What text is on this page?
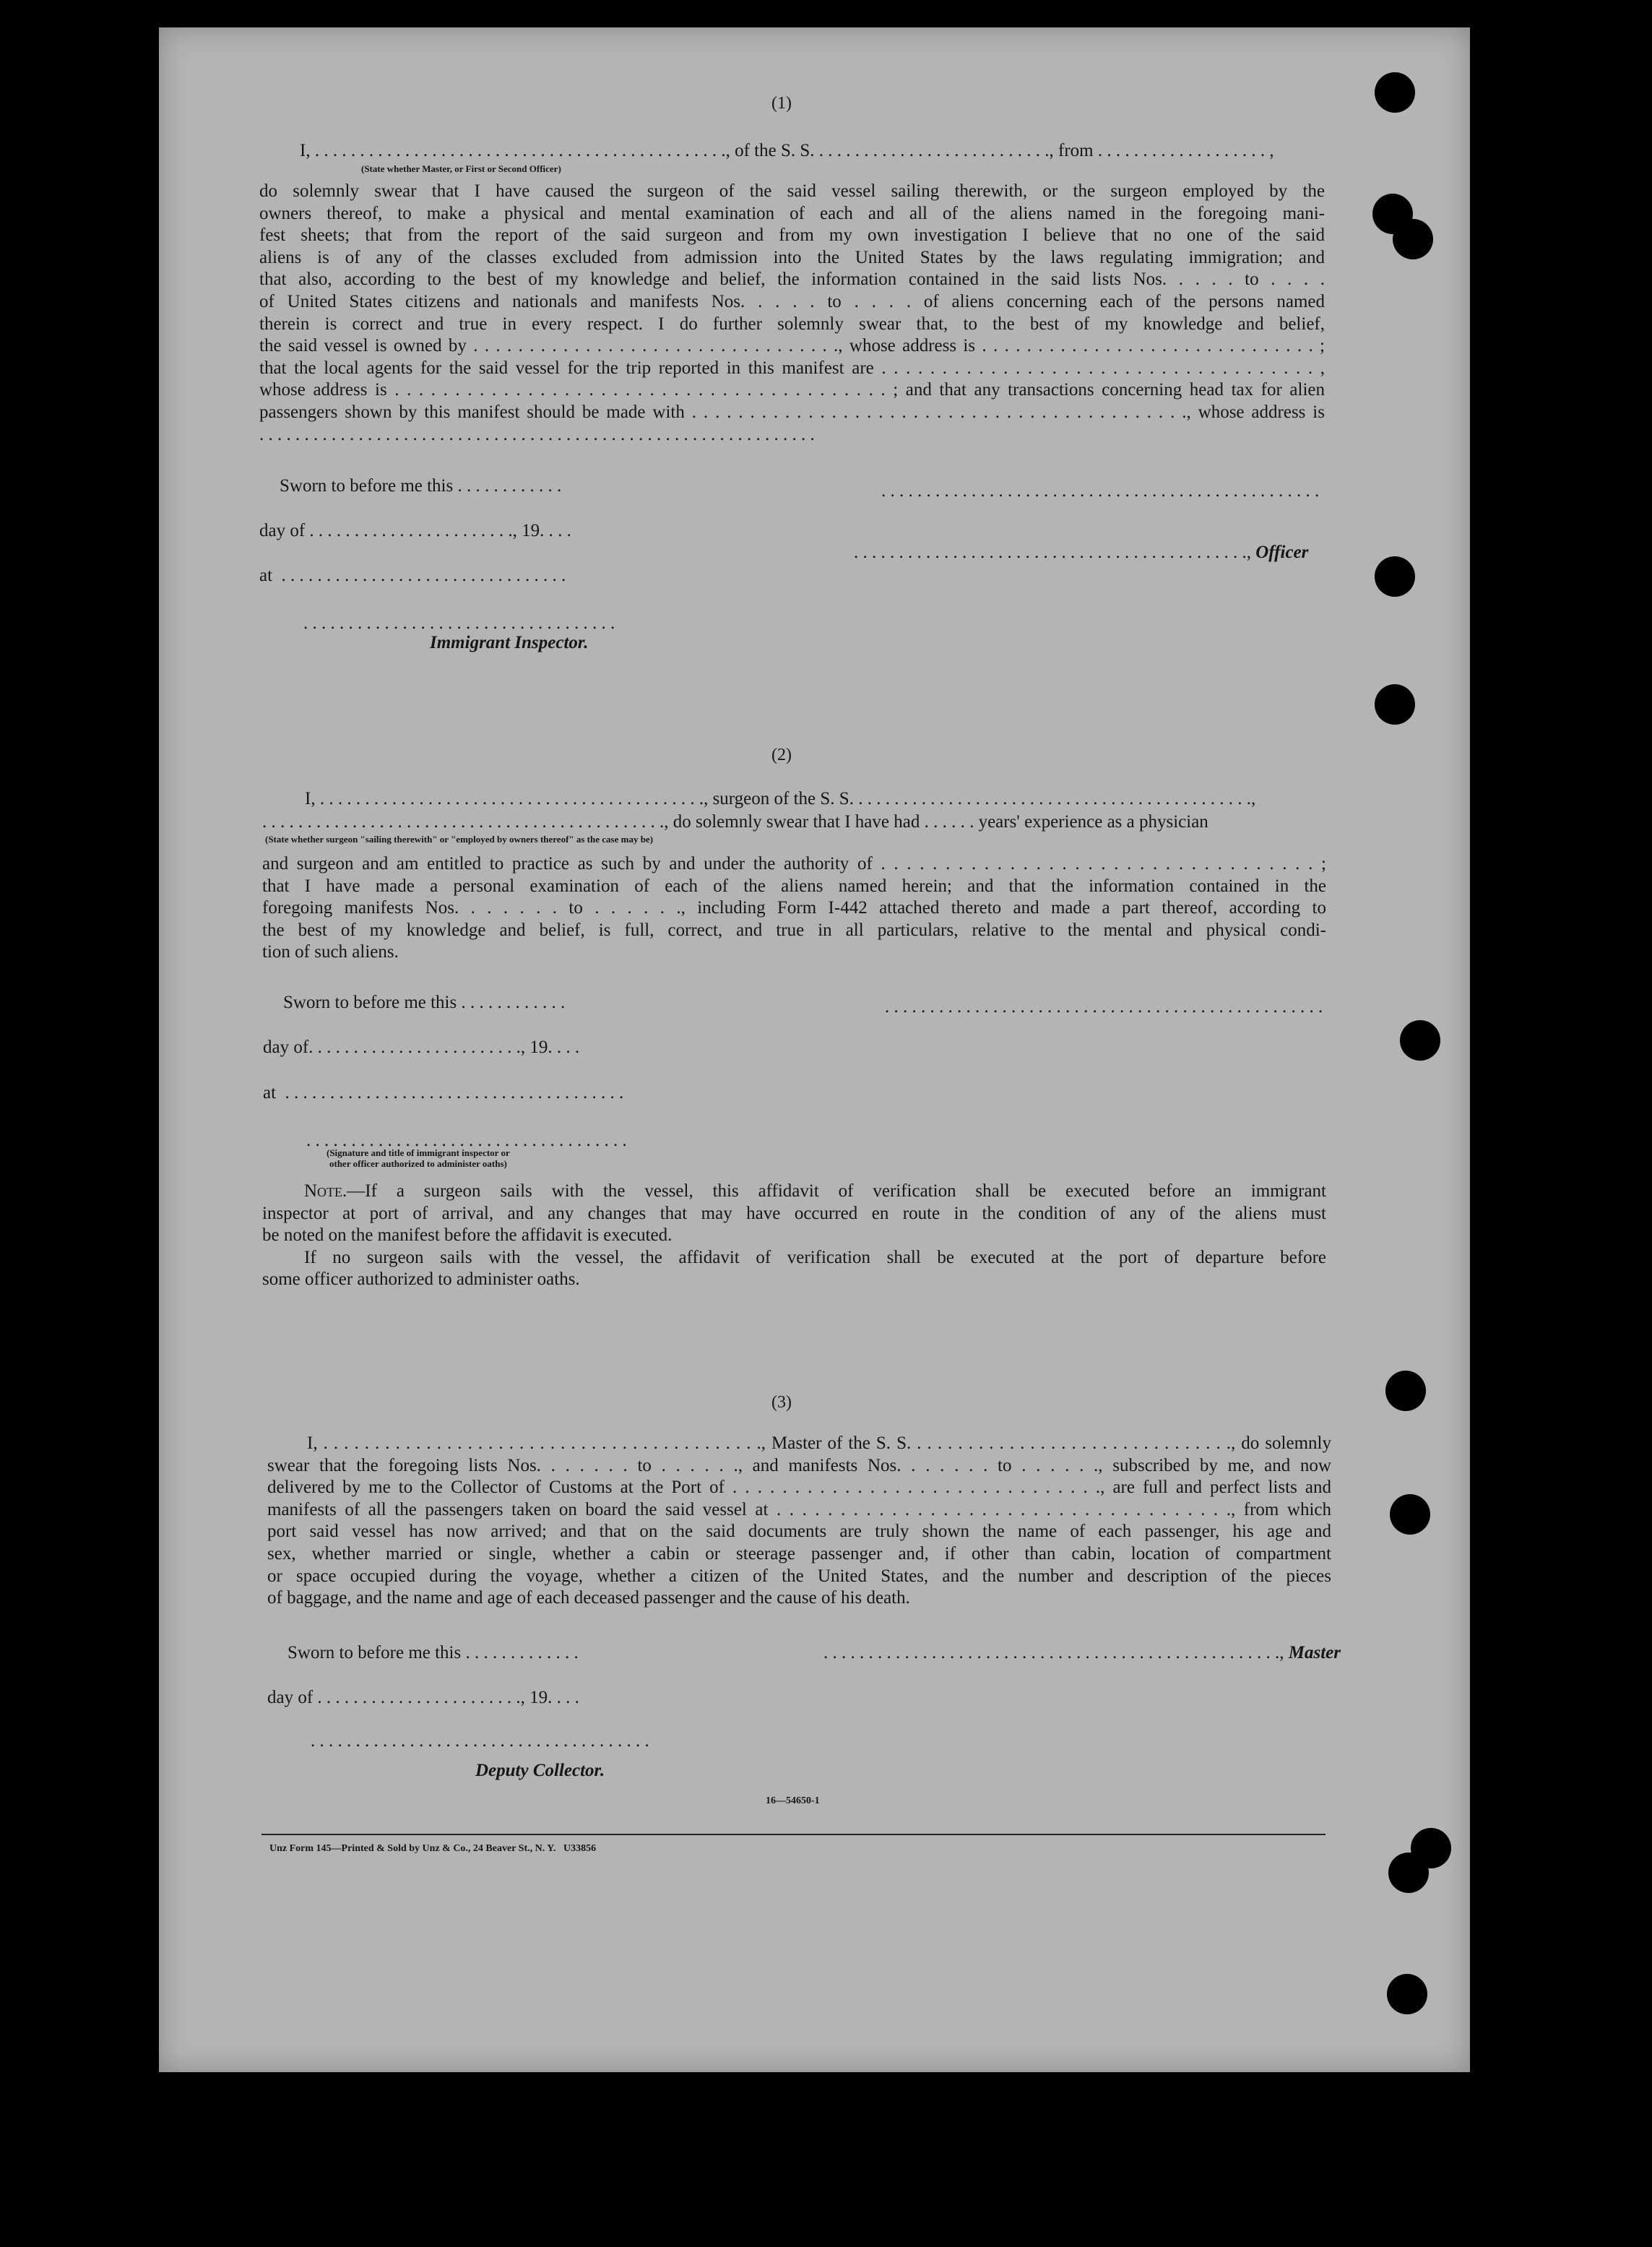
(1)
I, . . . . . . . . . . . . . . . . . . . . . . . . . . . . . . . . . . . . . . . . . . . . . ., of the S. S. . . . . . . . . . . . . . . . . . . . . . . . . . ., from . . . . . . . . . . . . . . . . . . . ,
(State whether Master, or First or Second Officer)
do solemnly swear that I have caused the surgeon of the said vessel sailing therewith, or the surgeon employed by the
owners thereof, to make a physical and mental examination of each and all of the aliens named in the foregoing mani-
fest sheets; that from the report of the said surgeon and from my own investigation I believe that no one of the said
aliens is of any of the classes excluded from admission into the United States by the laws regulating immigration; and
that also, according to the best of my knowledge and belief, the information contained in the said lists Nos. . . . . to . . . .
of United States citizens and nationals and manifests Nos. . . . . to . . . . of aliens concerning each of the persons named
therein is correct and true in every respect. I do further solemnly swear that, to the best of my knowledge and belief,
the said vessel is owned by . . . . . . . . . . . . . . . . . . . . . . . . . . . . . . . . ., whose address is . . . . . . . . . . . . . . . . . . . . . . . . . . . . . . ;
that the local agents for the said vessel for the trip reported in this manifest are . . . . . . . . . . . . . . . . . . . . . . . . . . . . . . . . . . . . ,
whose address is . . . . . . . . . . . . . . . . . . . . . . . . . . . . . . . . . . . . . . . . . ; and that any transactions concerning head tax for alien
passengers shown by this manifest should be made with . . . . . . . . . . . . . . . . . . . . . . . . . . . . . . . . . . . . . . . . . . ., whose address is
. . . . . . . . . . . . . . . . . . . . . . . . . . . . . . . . . . . . . . . . . . . . . . . . . . . . . . . . . . . . . .
Sworn to before me this . . . . . . . . . . . .	. . . . . . . . . . . . . . . . . . . . . . . . . . . . . . . . . . . . . . . . . . . . . . . . .
day of . . . . . . . . . . . . . . . . . . . . . . ., 19. . . .
. . . . . . . . . . . . . . . . . . . . . . . . . . . . . . . . . . . . . . . . . . . ., Officer
at  . . . . . . . . . . . . . . . . . . . . . . . . . . . . . . . .
. . . . . . . . . . . . . . . . . . . . . . . . . . . . . . . . . . .
Immigrant Inspector.
(2)
I, . . . . . . . . . . . . . . . . . . . . . . . . . . . . . . . . . . . . . . . . . . ., surgeon of the S. S. . . . . . . . . . . . . . . . . . . . . . . . . . . . . . . . . . . . . . . . . . . . .,
. . . . . . . . . . . . . . . . . . . . . . . . . . . . . . . . . . . . . . . . . . . . ., do solemnly swear that I have had . . . . . . years' experience as a physician
(State whether surgeon "sailing therewith" or "employed by owners thereof" as the case may be)
and surgeon and am entitled to practice as such by and under the authority of . . . . . . . . . . . . . . . . . . . . . . . . . . . . . . . . . . ;
that I have made a personal examination of each of the aliens named herein; and that the information contained in the
foregoing manifests Nos. . . . . . . to . . . . . ., including Form I-442 attached thereto and made a part thereof, according to
the best of my knowledge and belief, is full, correct, and true in all particulars, relative to the mental and physical condi-
tion of such aliens.
Sworn to before me this . . . . . . . . . . . .	. . . . . . . . . . . . . . . . . . . . . . . . . . . . . . . . . . . . . . . . . . . . . . . . .
day of. . . . . . . . . . . . . . . . . . . . . . . ., 19. . . .
at  . . . . . . . . . . . . . . . . . . . . . . . . . . . . . . . . . . . . . .
. . . . . . . . . . . . . . . . . . . . . . . . . . . . . . . . . . . .
(Signature and title of immigrant inspector or
other officer authorized to administer oaths)
Note.—If a surgeon sails with the vessel, this affidavit of verification shall be executed before an immigrant
inspector at port of arrival, and any changes that may have occurred en route in the condition of any of the aliens must
be noted on the manifest before the affidavit is executed.
If no surgeon sails with the vessel, the affidavit of verification shall be executed at the port of departure before
some officer authorized to administer oaths.
(3)
I, . . . . . . . . . . . . . . . . . . . . . . . . . . . . . . . . . . . . . . . . . . ., Master of the S. S. . . . . . . . . . . . . . . . . . . . . . . . . . . . . . . ., do solemnly
swear that the foregoing lists Nos. . . . . . . to . . . . . ., and manifests Nos. . . . . . . to . . . . . ., subscribed by me, and now
delivered by me to the Collector of Customs at the Port of . . . . . . . . . . . . . . . . . . . . . . . . . . . . . ., are full and perfect lists and
manifests of all the passengers taken on board the said vessel at . . . . . . . . . . . . . . . . . . . . . . . . . . . . . . . . . . . ., from which
port said vessel has now arrived; and that on the said documents are truly shown the name of each passenger, his age and
sex, whether married or single, whether a cabin or steerage passenger and, if other than cabin, location of compartment
or space occupied during the voyage, whether a citizen of the United States, and the number and description of the pieces
of baggage, and the name and age of each deceased passenger and the cause of his death.
Sworn to before me this . . . . . . . . . . . . .	. . . . . . . . . . . . . . . . . . . . . . . . . . . . . . . . . . . . . . . . . . . . . . . . . . ., Master
day of . . . . . . . . . . . . . . . . . . . . . . ., 19. . . .
. . . . . . . . . . . . . . . . . . . . . . . . . . . . . . . . . . . . . .
Deputy Collector.
16—54650-1
Unz Form 145—Printed & Sold by Unz & Co., 24 Beaver St., N. Y.   U33856
